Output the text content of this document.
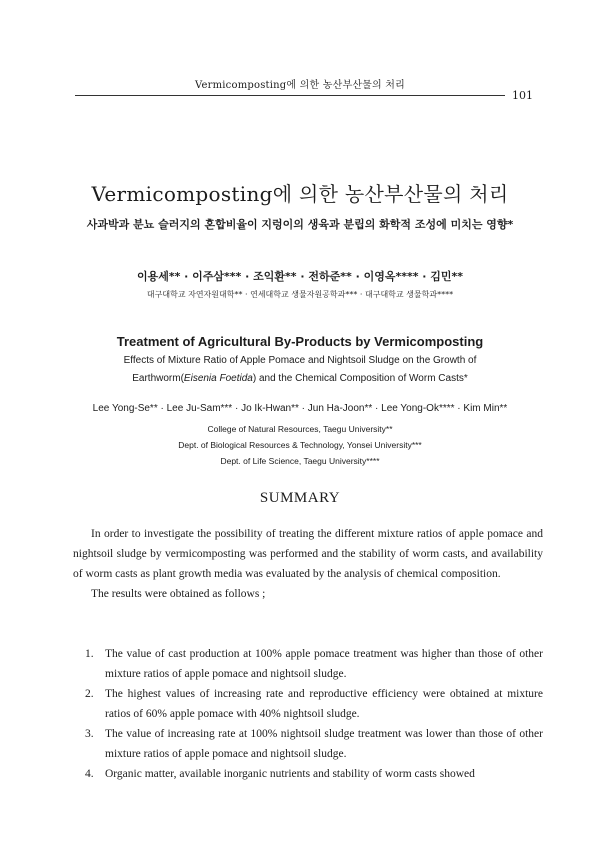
Vermicomposting에 의한 농산부산물의 처리
101
Vermicomposting에 의한 농산부산물의 처리
사과박과 분뇨 슬러지의 혼합비율이 지렁이의 생육과 분립의 화학적 조성에 미치는 영향*
이용세** · 이주삼*** · 조익환** · 전하준** · 이영옥**** · 김민**
대구대학교 자연자원대학** · 연세대학교 생물자원공학과*** · 대구대학교 생물학과****
Treatment of Agricultural By-Products by Vermicomposting
Effects of Mixture Ratio of Apple Pomace and Nightsoil Sludge on the Growth of
Earthworm(Eisenia Foetida) and the Chemical Composition of Worm Casts*
Lee Yong-Se** · Lee Ju-Sam*** · Jo Ik-Hwan** · Jun Ha-Joon** · Lee Yong-Ok**** · Kim Min**
College of Natural Resources, Taegu University**
Dept. of Biological Resources & Technology, Yonsei University***
Dept. of Life Science, Taegu University****
SUMMARY

In order to investigate the possibility of treating the different mixture ratios of apple pomace and nightsoil sludge by vermicomposting was performed and the stability of worm casts, and availability of worm casts as plant growth media was evaluated by the analysis of chemical composition.

The results were obtained as follows ;

1. The value of cast production at 100% apple pomace treatment was higher than those of other mixture ratios of apple pomace and nightsoil sludge.
2. The highest values of increasing rate and reproductive efficiency were obtained at mixture ratios of 60% apple pomace with 40% nightsoil sludge.
3. The value of increasing rate at 100% nightsoil sludge treatment was lower than those of other mixture ratios of apple pomace and nightsoil sludge.
4. Organic matter, available inorganic nutrients and stability of worm casts showed
